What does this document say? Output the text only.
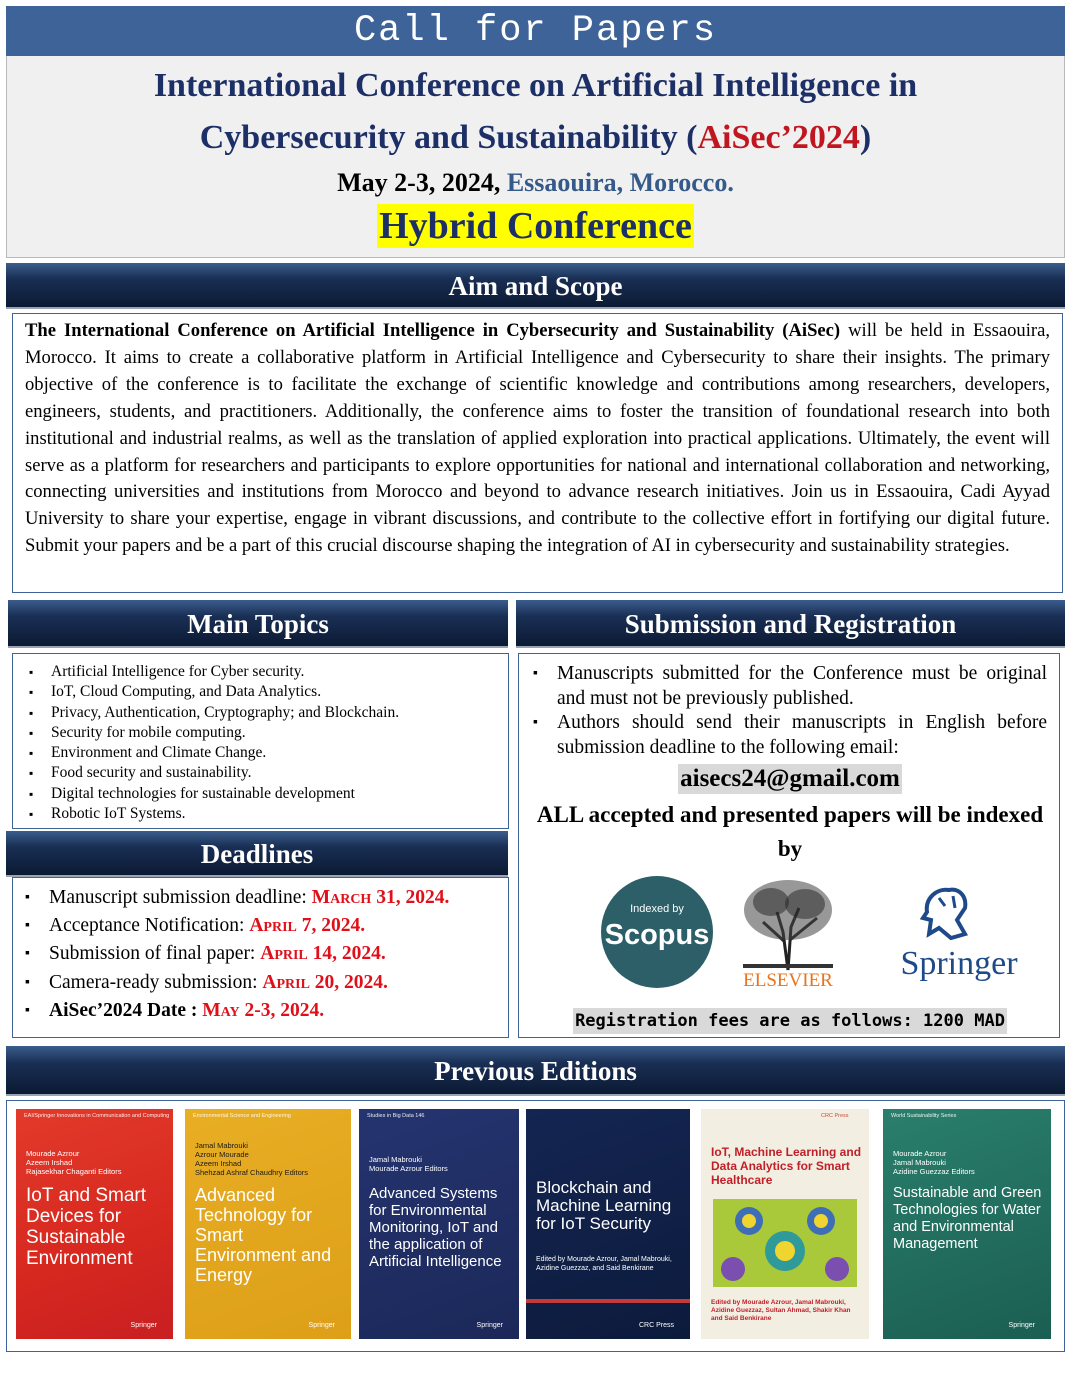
Call for Papers
International Conference on Artificial Intelligence in Cybersecurity and Sustainability (AiSec’2024)
May 2-3, 2024, Essaouira, Morocco.
Hybrid Conference
Aim and Scope

The International Conference on Artificial Intelligence in Cybersecurity and Sustainability (AiSec) will be held in Essaouira, Morocco. It aims to create a collaborative platform in Artificial Intelligence and Cybersecurity to share their insights. The primary objective of the conference is to facilitate the exchange of scientific knowledge and contributions among researchers, developers, engineers, students, and practitioners. Additionally, the conference aims to foster the transition of foundational research into both institutional and industrial realms, as well as the translation of applied exploration into practical applications. Ultimately, the event will serve as a platform for researchers and participants to explore opportunities for national and international collaboration and networking, connecting universities and institutions from Morocco and beyond to advance research initiatives. Join us in Essaouira, Cadi Ayyad University to share your expertise, engage in vibrant discussions, and contribute to the collective effort in fortifying our digital future. Submit your papers and be a part of this crucial discourse shaping the integration of AI in cybersecurity and sustainability strategies.

Main Topics
▪ Artificial Intelligence for Cyber security.
▪ IoT, Cloud Computing, and Data Analytics.
▪ Privacy, Authentication, Cryptography; and Blockchain.
▪ Security for mobile computing.
▪ Environment and Climate Change.
▪ Food security and sustainability.
▪ Digital technologies for sustainable development
▪ Robotic IoT Systems.
Deadlines
▪ Manuscript submission deadline: March 31, 2024.
▪ Acceptance Notification: April 7, 2024.
▪ Submission of final paper: April 14, 2024.
▪ Camera-ready submission: April 20, 2024.
▪ AiSec’2024 Date : May 2-3, 2024.
Submission and Registration
▪ Manuscripts submitted for the Conference must be original and must not be previously published.
▪ Authors should send their manuscripts in English before submission deadline to the following email:
aisecs24@gmail.com
ALL accepted and presented papers will be indexed by
Indexed by
Scopus
ELSEVIER Springer
Registration fees are as follows: 1200 MAD
Previous Editions
EAI/Springer Innovations in Communication and Computing
Mourade Azrour
Azeem Irshad
Rajasekhar Chaganti Editors
IoT and Smart Devices for Sustainable Environment
Springer
Environmental Science and Engineering
Jamal Mabrouki
Azrour Mourade
Azeem Irshad
Shehzad Ashraf Chaudhry Editors
Advanced Technology for Smart Environment and Energy
Springer
Studies in Big Data 146
Jamal Mabrouki
Mourade Azrour Editors
Advanced Systems for Environmental Monitoring, IoT and the application of Artificial Intelligence
Springer
Blockchain and Machine Learning for IoT Security
Edited by Mourade Azrour, Jamal Mabrouki, Azidine Guezzaz, and Said Benkirane
CRC Press
CRC Press
IoT, Machine Learning and Data Analytics for Smart Healthcare
Edited by Mourade Azrour, Jamal Mabrouki, Azidine Guezzaz, Sultan Ahmad, Shakir Khan and Said Benkirane
World Sustainability Series
Mourade Azrour
Jamal Mabrouki
Azidine Guezzaz Editors
Sustainable and Green Technologies for Water and Environmental Management
Springer
